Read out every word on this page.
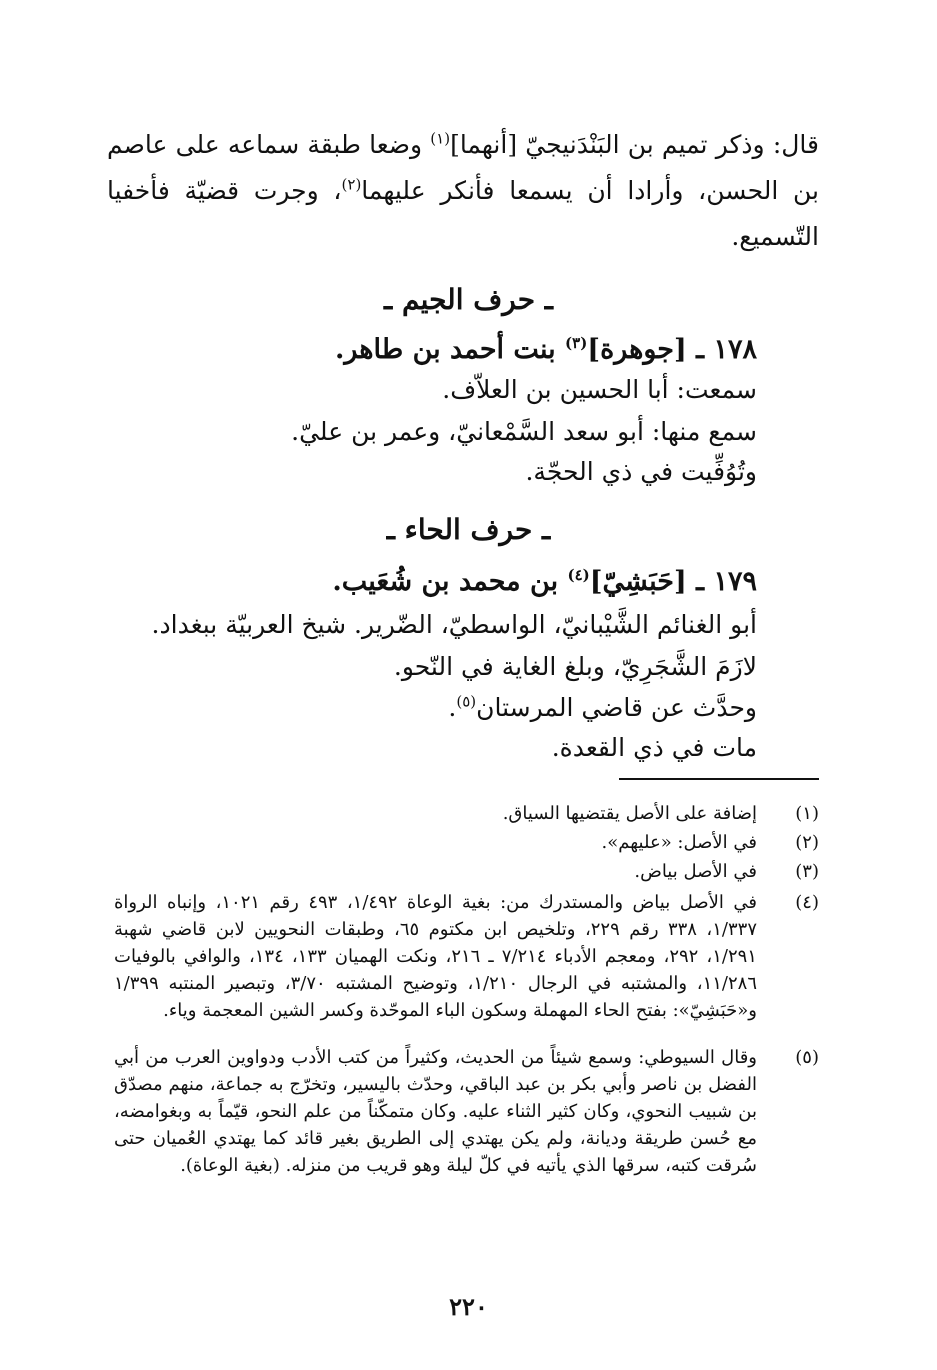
قال: وذكر تميم بن البَنْدَنيجيّ [أنهما]$^{(١)}$ وضعا طبقة سماعه على عاصم بن الحسن، وأرادا أن يسمعا فأنكر عليهما$^{(٢)}$، وجرت قضيّة فأخفيا التّسميع.

ـ حرف الجيم ـ
١٧٨ ـ [جوهرة]$^{(٣)}$ بنت أحمد بن طاهر.
سمعت: أبا الحسين بن العلاّف.
سمع منها: أبو سعد السَّمْعانيّ، وعمر بن عليّ.
وتُوُفِّيت في ذي الحجّة.
ـ حرف الحاء ـ
١٧٩ ـ [حَبَشِيّ]$^{(٤)}$ بن محمد بن شُعَيب.
أبو الغنائم الشَّيْبانيّ، الواسطيّ، الضّرير. شيخ العربيّة ببغداد.
لازَمَ الشَّجَرِيّ، وبلغ الغاية في النّحو.
وحدَّث عن قاضي المرستان$^{(٥)}$.
مات في ذي القعدة.
(١)
إضافة على الأصل يقتضيها السياق.
(٢)
في الأصل: «عليهم».
(٣)
في الأصل بياض.
(٤)
في الأصل بياض والمستدرك من: بغية الوعاة ١/٤٩٢، ٤٩٣ رقم ١٠٢١، وإنباه الرواة ١/٣٣٧، ٣٣٨ رقم ٢٢٩، وتلخيص ابن مكتوم ٦٥، وطبقات النحويين لابن قاضي شهبة ١/٢٩١، ٢٩٢، ومعجم الأدباء ٧/٢١٤ ـ ٢١٦، ونكت الهميان ١٣٣، ١٣٤، والوافي بالوفيات ١١/٢٨٦، والمشتبه في الرجال ١/٢١٠، وتوضيح المشتبه ٣/٧٠، وتبصير المنتبه ١/٣٩٩ و«حَبَشِيّ»: بفتح الحاء المهملة وسكون الباء الموحّدة وكسر الشين المعجمة وياء.
(٥)
وقال السيوطي: وسمع شيئاً من الحديث، وكثيراً من كتب الأدب ودواوين العرب من أبي الفضل بن ناصر وأبي بكر بن عبد الباقي، وحدّث باليسير، وتخرّج به جماعة، منهم مصدّق بن شبيب النحوي، وكان كثير الثناء عليه. وكان متمكّناً من علم النحو، قيّماً به وبغوامضه، مع حُسن طريقة وديانة، ولم يكن يهتدي إلى الطريق بغير قائد كما يهتدي العُميان حتى سُرقت كتبه، سرقها الذي يأتيه في كلّ ليلة وهو قريب من منزله. (بغية الوعاة).
٢٢٠
